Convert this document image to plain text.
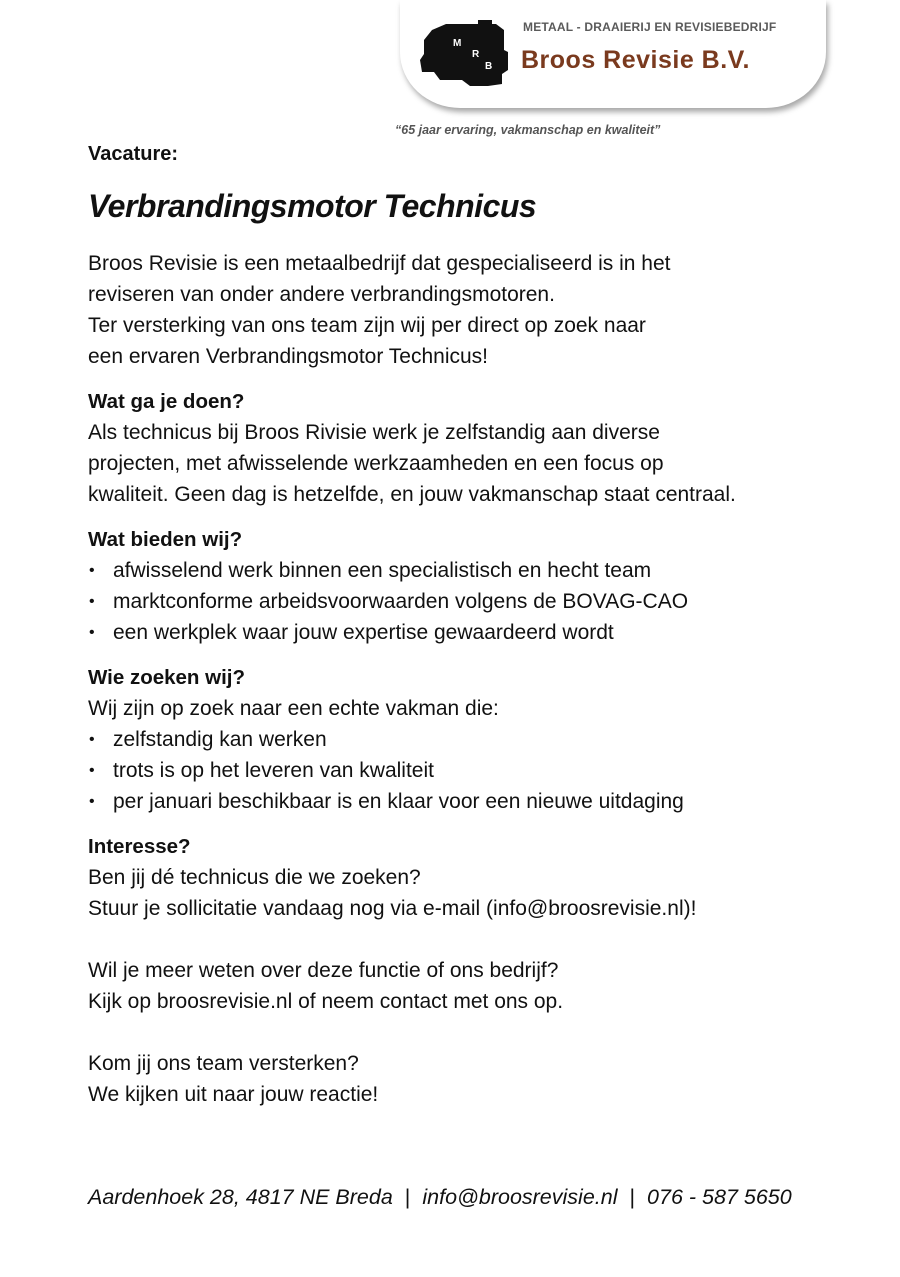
M
R
B
METAAL - DRAAIERIJ EN REVISIEBEDRIJF
Broos Revisie B.V.
“65 jaar ervaring, vakmanschap en kwaliteit”

Vacature:

Verbrandingsmotor Technicus

Broos Revisie is een metaalbedrijf dat gespecialiseerd is in het

reviseren van onder andere verbrandingsmotoren.

Ter versterking van ons team zijn wij per direct op zoek naar

een ervaren Verbrandingsmotor Technicus!

Wat ga je doen?

Als technicus bij Broos Rivisie werk je zelfstandig aan diverse

projecten, met afwisselende werkzaamheden en een focus op

kwaliteit. Geen dag is hetzelfde, en jouw vakmanschap staat centraal.

Wat bieden wij?

• afwisselend werk binnen een specialistisch en hecht team
• marktconforme arbeidsvoorwaarden volgens de BOVAG-CAO
• een werkplek waar jouw expertise gewaardeerd wordt

Wie zoeken wij?

Wij zijn op zoek naar een echte vakman die:

• zelfstandig kan werken
• trots is op het leveren van kwaliteit
• per januari beschikbaar is en klaar voor een nieuwe uitdaging

Interesse?

Ben jij dé technicus die we zoeken?

Stuur je sollicitatie vandaag nog via e-mail (info@broosrevisie.nl)!

Wil je meer weten over deze functie of ons bedrijf?

Kijk op broosrevisie.nl of neem contact met ons op.

Kom jij ons team versterken?

We kijken uit naar jouw reactie!

Aardenhoek 28, 4817 NE Breda | info@broosrevisie.nl | 076 - 587 5650
